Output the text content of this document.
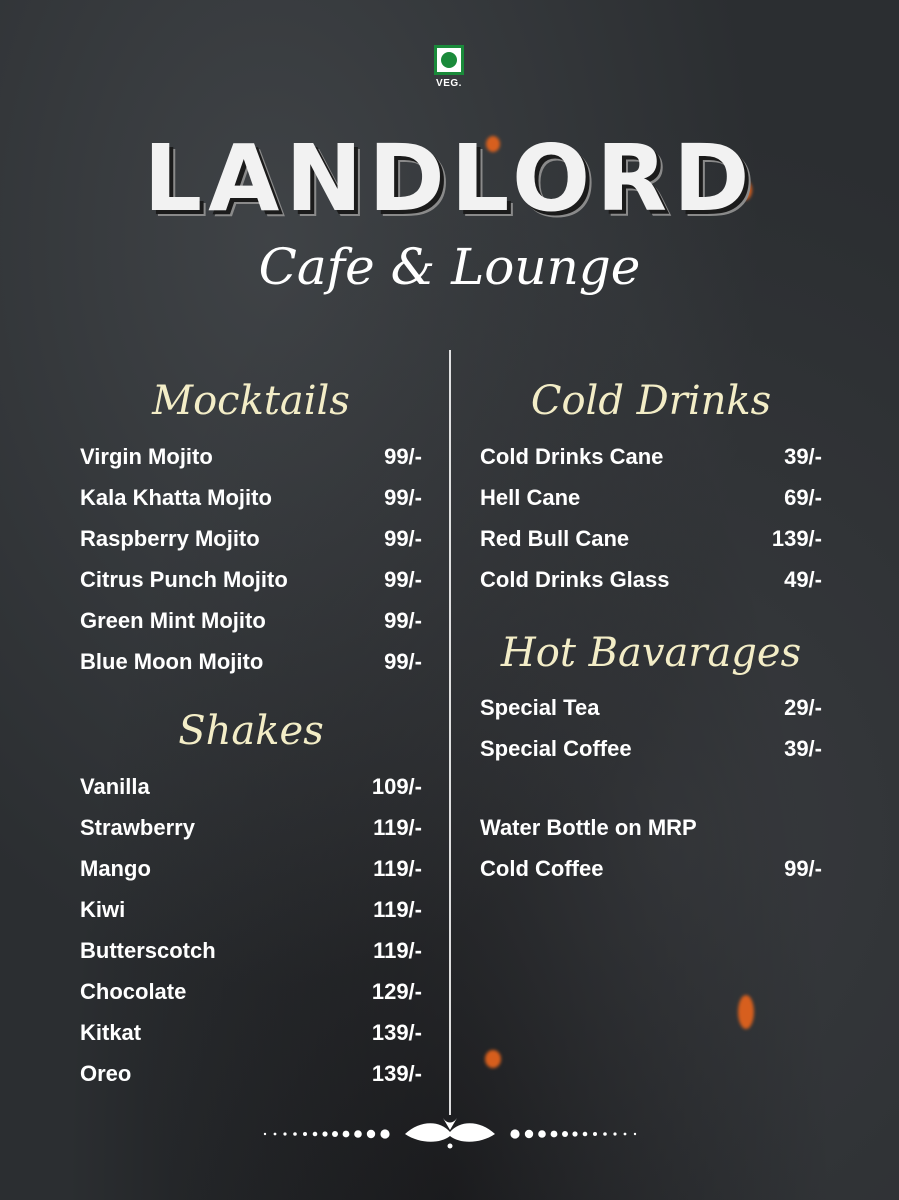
VEG.
LANDLORD
Cafe & Lounge
Mocktails
Virgin Mojito	99/-
Kala Khatta Mojito	99/-
Raspberry Mojito	99/-
Citrus Punch Mojito	99/-
Green Mint Mojito	99/-
Blue Moon Mojito	99/-
Shakes
Vanilla	109/-
Strawberry	119/-
Mango	119/-
Kiwi	119/-
Butterscotch	119/-
Chocolate	129/-
Kitkat	139/-
Oreo	139/-
Cold Drinks
Cold Drinks Cane	39/-
Hell Cane	69/-
Red Bull Cane	139/-
Cold Drinks Glass	49/-
Hot Bavarages
Special Tea	29/-
Special Coffee	39/-
Water Bottle on MRP
Cold Coffee	99/-
